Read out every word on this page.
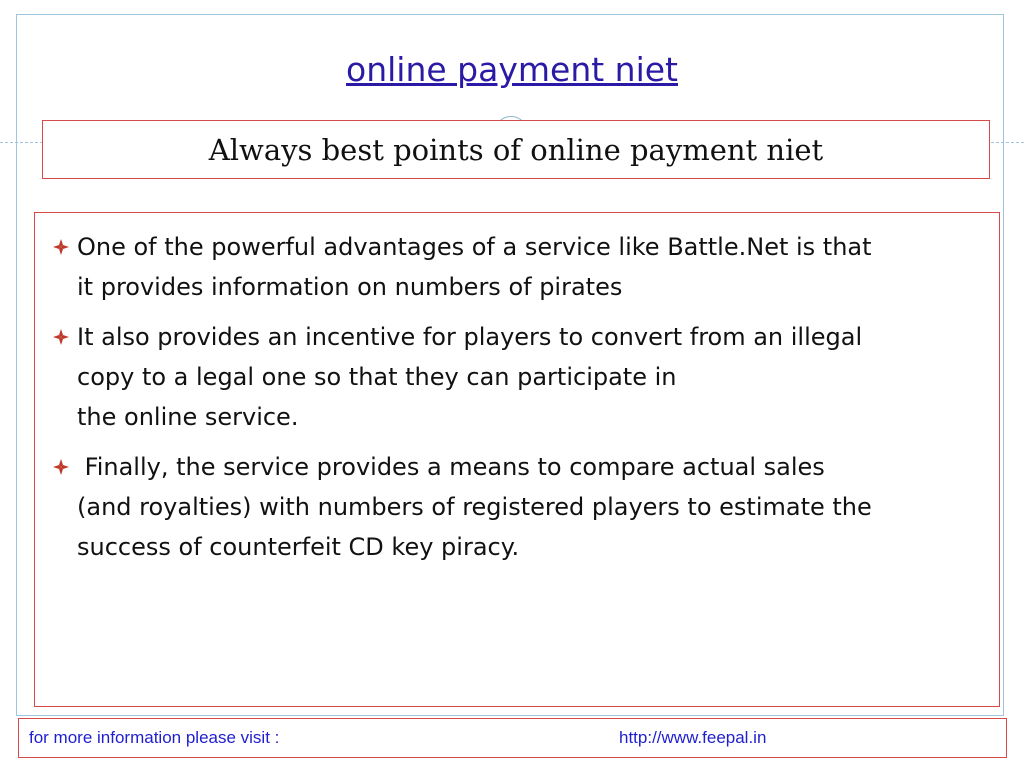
online payment niet
Always best points of online payment niet
One of the powerful advantages of a service like Battle.Net is that
it provides information on numbers of pirates
It also provides an incentive for players to convert from an illegal
copy to a legal one so that they can participate in
the online service.
Finally, the service provides a means to compare actual sales
(and royalties) with numbers of registered players to estimate the
success of counterfeit CD key piracy.
for more information please visit :	http://www.feepal.in
